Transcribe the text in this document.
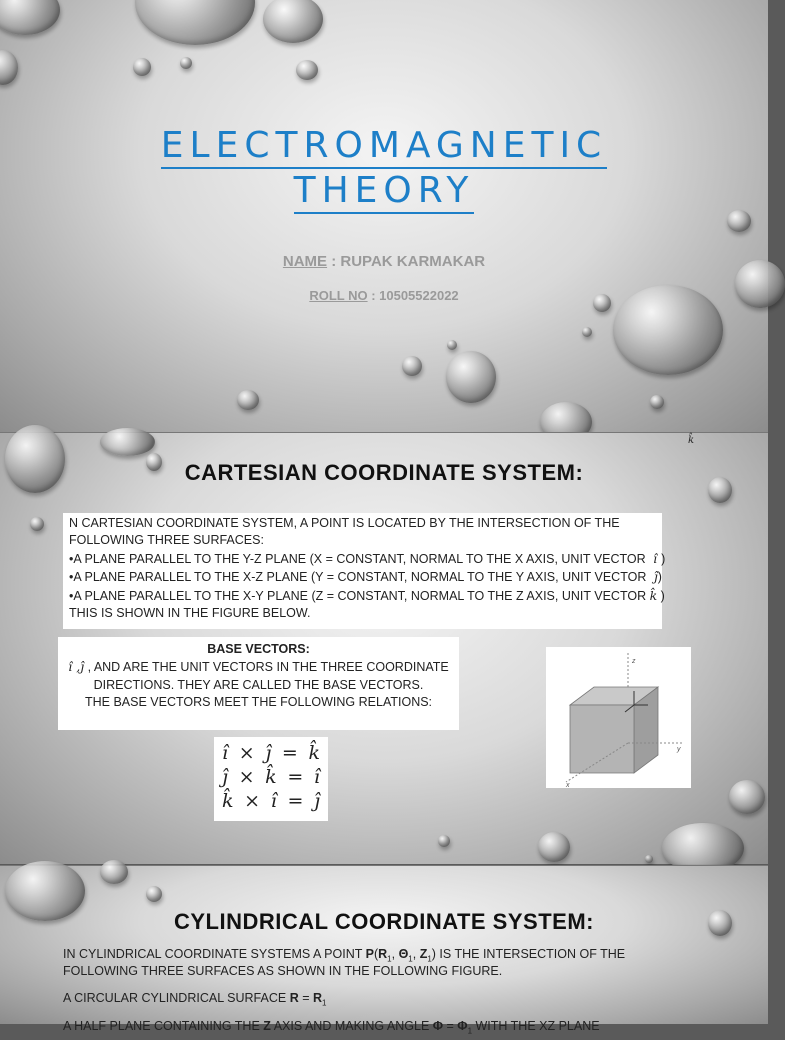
ELECTROMAGNETIC
THEORY
NAME : RUPAK KARMAKAR
ROLL NO : 10505522022
k̂
CARTESIAN COORDINATE SYSTEM:

N CARTESIAN COORDINATE SYSTEM, A POINT IS LOCATED BY THE INTERSECTION OF THE

FOLLOWING THREE SURFACES:

•A PLANE PARALLEL TO THE Y-Z PLANE (X = CONSTANT, NORMAL TO THE X AXIS, UNIT VECTOR  î )

•A PLANE PARALLEL TO THE X-Z PLANE (Y = CONSTANT, NORMAL TO THE Y AXIS, UNIT VECTOR  ĵ)

•A PLANE PARALLEL TO THE X-Y PLANE (Z = CONSTANT, NORMAL TO THE Z AXIS, UNIT VECTOR k̂ )

THIS IS SHOWN IN THE FIGURE BELOW.

BASE VECTORS:

î ,ĵ , AND ARE THE UNIT VECTORS IN THE THREE COORDINATE

DIRECTIONS. THEY ARE CALLED THE BASE VECTORS.

THE BASE VECTORS MEET THE FOLLOWING RELATIONS:

î × ĵ = k̂
ĵ × k̂ = î
k̂ × î = ĵ
z
y
x
CYLINDRICAL COORDINATE SYSTEM:
IN CYLINDRICAL COORDINATE SYSTEMS A POINT $P(R_1$, $\Theta_1$, $Z_1$) IS THE INTERSECTION OF THE
FOLLOWING THREE SURFACES AS SHOWN IN THE FOLLOWING FIGURE.
A CIRCULAR CYLINDRICAL SURFACE $R = R_1$
A HALF PLANE CONTAINING THE Z AXIS AND MAKING ANGLE $\Phi = \Phi_1$ WITH THE XZ PLANE
